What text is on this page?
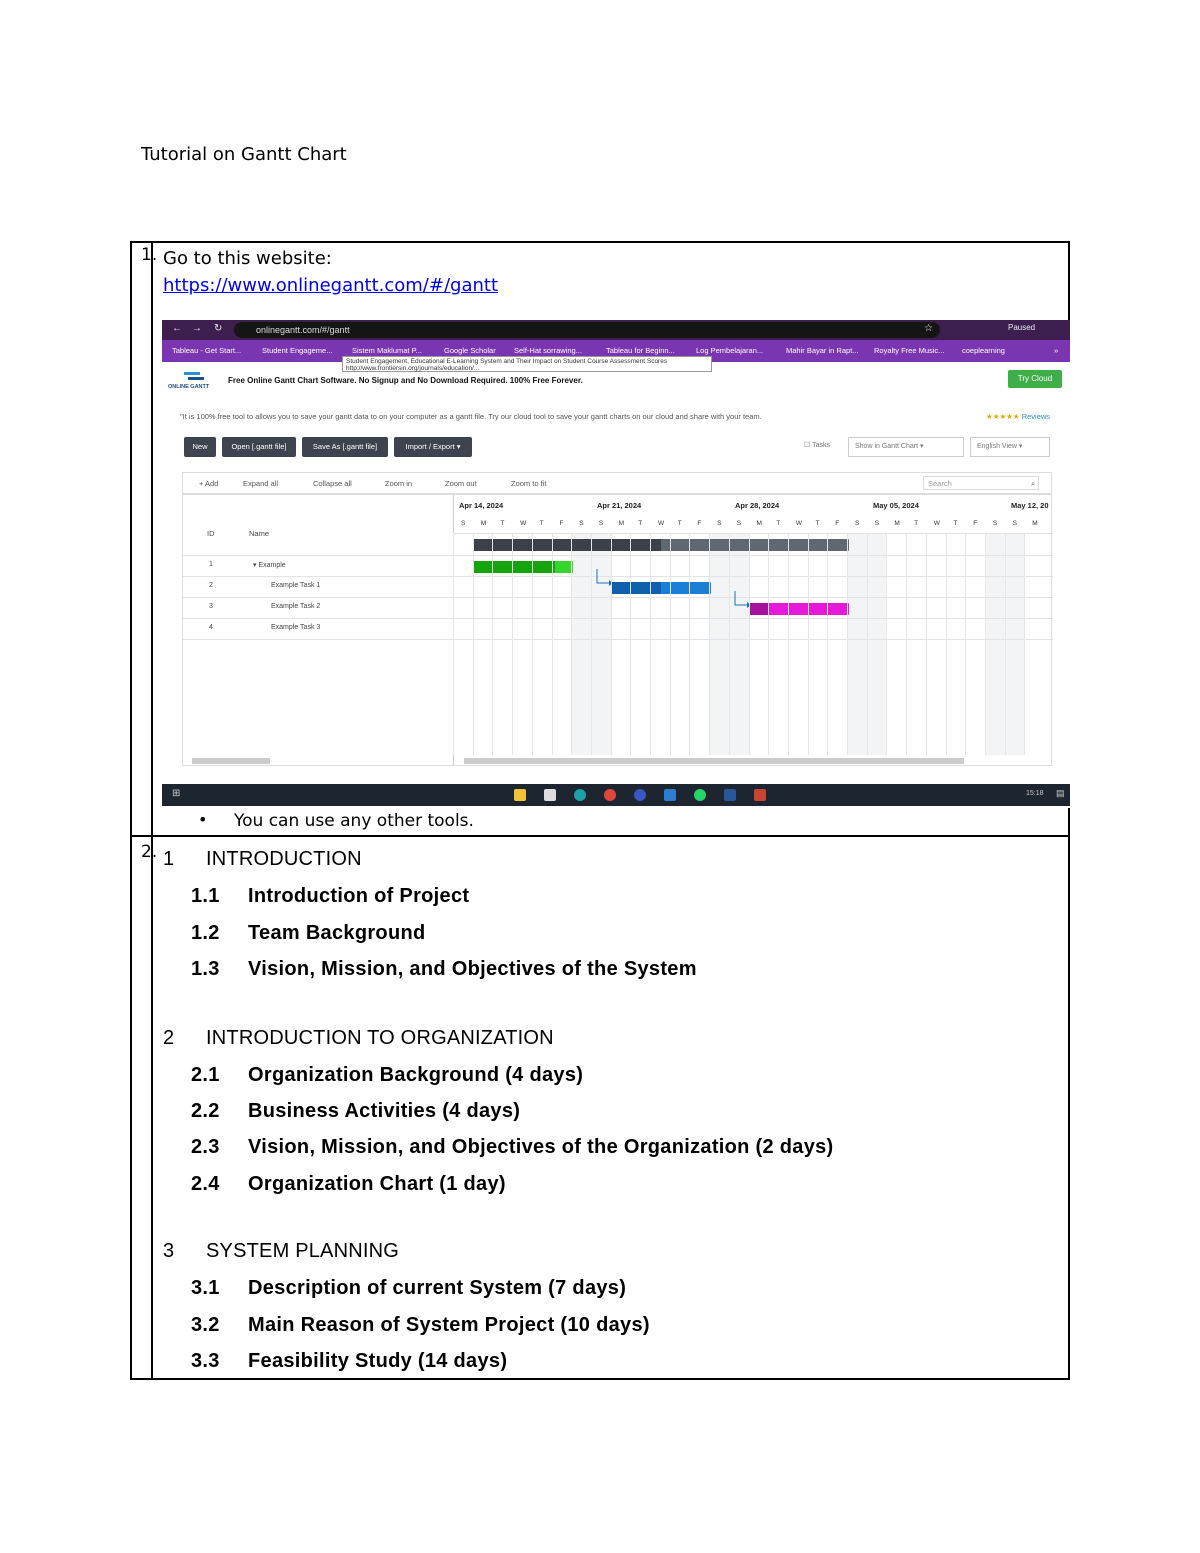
Tutorial on Gantt Chart
1. Go to this website:
https://www.onlinegantt.com/#/gantt
← → ↻	onlinegantt.com/#/gantt	☆	Paused
Tableau - Get Start...	Student Engageme...	Sistem Maklumat P...	Google Scholar Self-Hat sorrawing...	Tableau for Beginn...	Log Pembelajaran...	Mahir Bayar in Rapt... Royalty Free Music... coeplearning	»
Student Engagement, Educational E-Learning System and Their Impact on Student Course Assessment Scores http://www.frontiersin.org/journals/education/...
ONLINE GANTT
Free Online Gantt Chart Software. No Signup and No Download Required. 100% Free Forever.	Try Cloud
"It is 100% free tool to allows you to save your gantt data to on your computer as a gantt file. Try our cloud tool to save your gantt charts on our cloud and share with your team.	★★★★★ Reviews
New	Open [.gantt file]	Save As [.gantt file]	Import / Export ▾	☐ Tasks	Show in Gantt Chart ▾	English View ▾
+ Add	Expand all	Collapse all	Zoom in	Zoom out	Zoom to fit	Search	⌕
ID	Name
1	▾ Example
2	Example Task 1
3	Example Task 2
4	Example Task 3
Apr 14, 2024	Apr 21, 2024	Apr 28, 2024	May 05, 2024	May 12, 20
S M T W T F S S M T W T F S S M T W T F S S M T W T F S S M
⊞	15:18 ▤
• You can use any other tools.
2. 1 INTRODUCTION
1.1 Introduction of Project
1.2 Team Background
1.3 Vision, Mission, and Objectives of the System
2 INTRODUCTION TO ORGANIZATION
2.1 Organization Background (4 days)
2.2 Business Activities (4 days)
2.3 Vision, Mission, and Objectives of the Organization (2 days)
2.4 Organization Chart (1 day)
3 SYSTEM PLANNING
3.1 Description of current System (7 days)
3.2 Main Reason of System Project (10 days)
3.3 Feasibility Study (14 days)
